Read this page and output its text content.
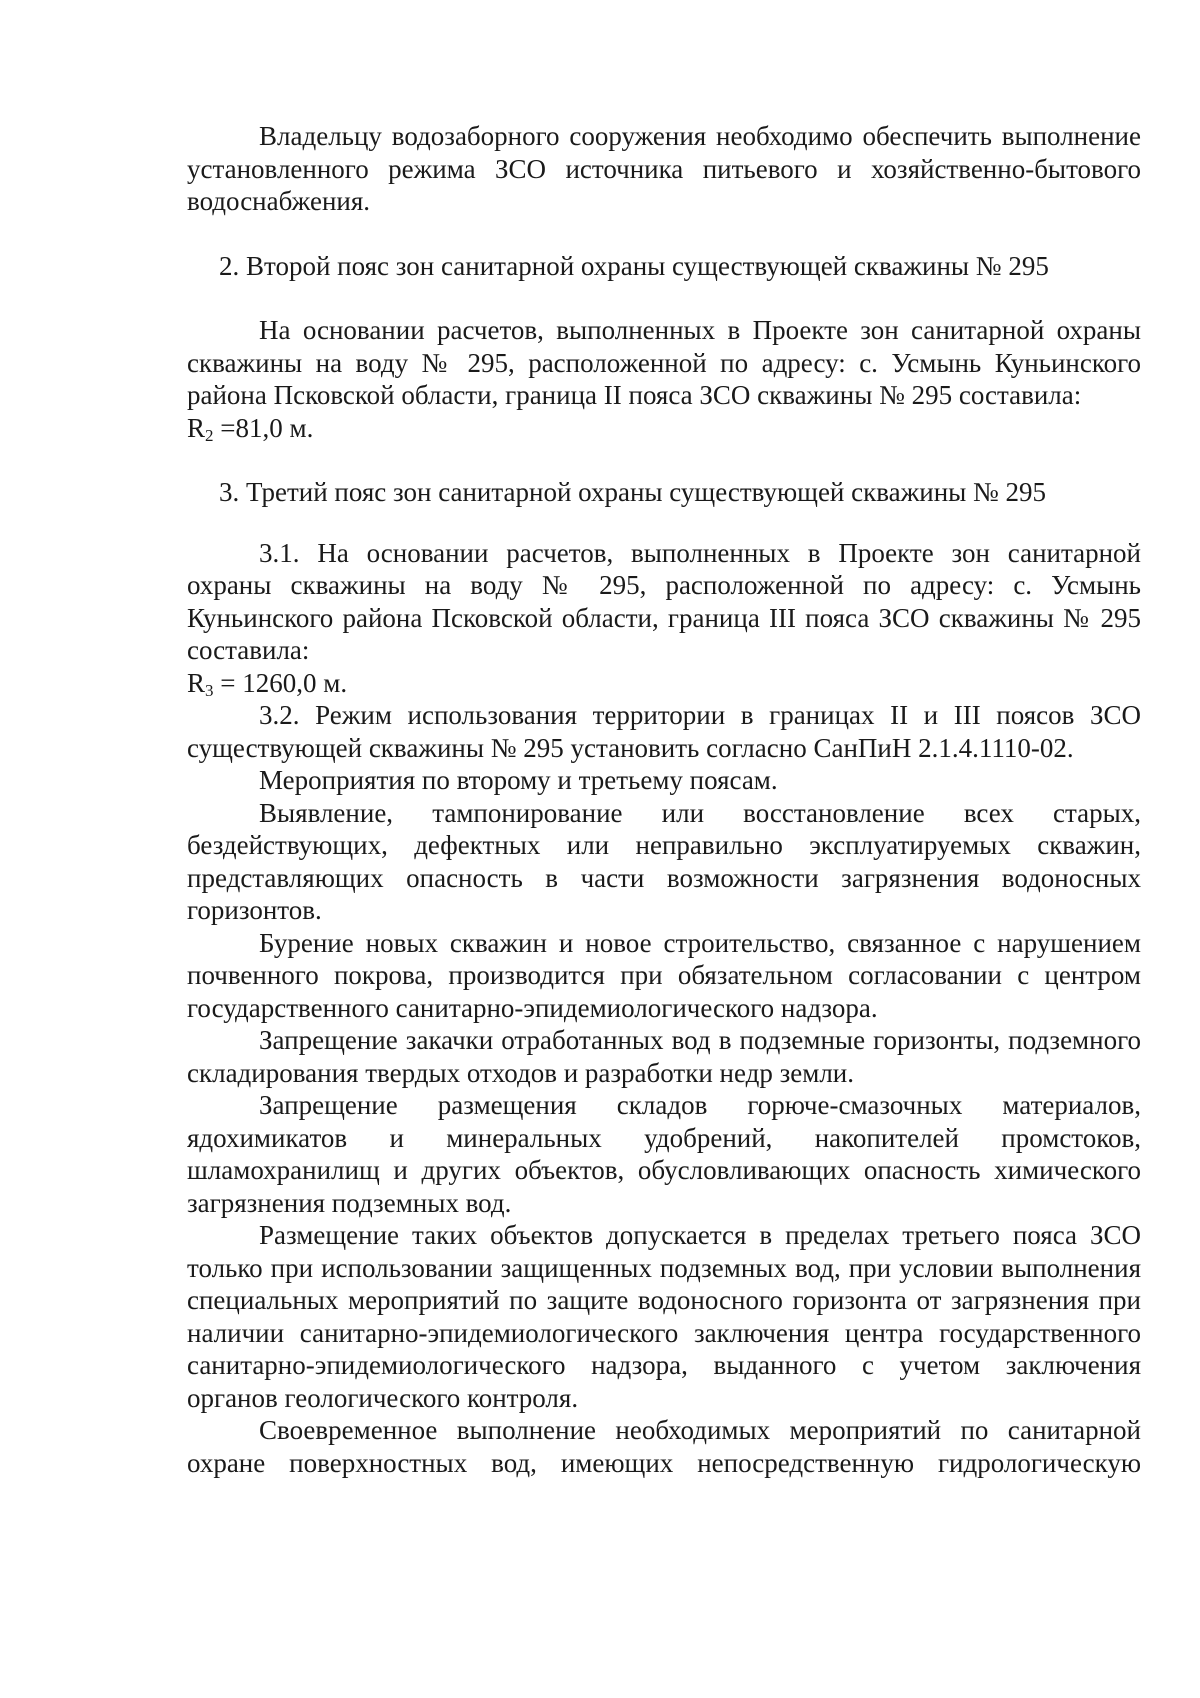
Владельцу водозаборного сооружения необходимо обеспечить выполнение установленного режима ЗСО источника питьевого и хозяйственно-бытового водоснабжения.

2. Второй пояс зон санитарной охраны существующей скважины № 295

На основании расчетов, выполненных в Проекте зон санитарной охраны скважины на воду № 295, расположенной по адресу: с. Усмынь Куньинского района Псковской области, граница II пояса ЗСО скважины № 295 составила:

$R_2 =81,0$ м.

3. Третий пояс зон санитарной охраны существующей скважины № 295

3.1. На основании расчетов, выполненных в Проекте зон санитарной охраны скважины на воду № 295, расположенной по адресу: с. Усмынь Куньинского района Псковской области, граница III пояса ЗСО скважины № 295 составила:

$R_3 = 1260,0$ м.

3.2. Режим использования территории в границах II и III поясов ЗСО существующей скважины № 295 установить согласно СанПиН 2.1.4.1110-02.

Мероприятия по второму и третьему поясам.

Выявление, тампонирование или восстановление всех старых, бездействующих, дефектных или неправильно эксплуатируемых скважин, представляющих опасность в части возможности загрязнения водоносных горизонтов.

Бурение новых скважин и новое строительство, связанное с нарушением почвенного покрова, производится при обязательном согласовании с центром государственного санитарно-эпидемиологического надзора.

Запрещение закачки отработанных вод в подземные горизонты, подземного складирования твердых отходов и разработки недр земли.

Запрещение размещения складов горюче-смазочных материалов, ядохимикатов и минеральных удобрений, накопителей промстоков, шламохранилищ и других объектов, обусловливающих опасность химического загрязнения подземных вод.

Размещение таких объектов допускается в пределах третьего пояса ЗСО только при использовании защищенных подземных вод, при условии выполнения специальных мероприятий по защите водоносного горизонта от загрязнения при наличии санитарно-эпидемиологического заключения центра государственного санитарно-эпидемиологического надзора, выданного с учетом заключения органов геологического контроля.

Своевременное выполнение необходимых мероприятий по санитарной охране поверхностных вод, имеющих непосредственную гидрологическую
